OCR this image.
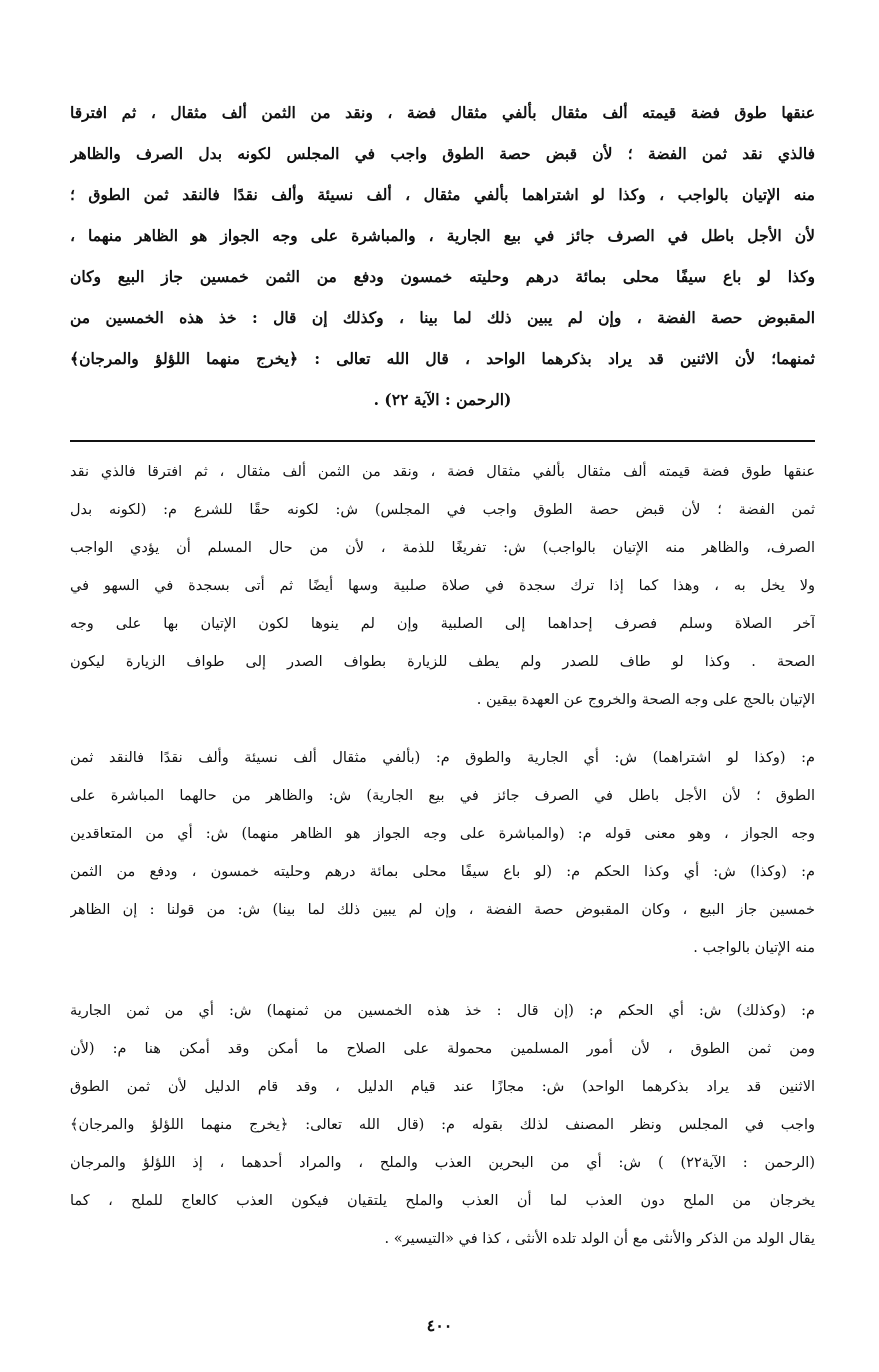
عنقها طوق فضة قيمته ألف مثقال بألفي مثقال فضة ، ونقد من الثمن ألف مثقال ، ثم افترقا
فالذي نقد ثمن الفضة ؛ لأن قبض حصة الطوق واجب في المجلس لكونه بدل الصرف والظاهر
منه الإتيان بالواجب ، وكذا لو اشتراهما بألفي مثقال ، ألف نسيئة وألف نقدًا فالنقد ثمن الطوق ؛
لأن الأجل باطل في الصرف جائز في بيع الجارية ، والمباشرة على وجه الجواز هو الظاهر منهما ،
وكذا لو باع سيفًا محلى بمائة درهم وحليته خمسون ودفع من الثمن خمسين جاز البيع وكان
المقبوض حصة الفضة ، وإن لم يبين ذلك لما بينا ، وكذلك إن قال : خذ هذه الخمسين من
ثمنهما؛ لأن الاثنين قد يراد بذكرهما الواحد ، قال الله تعالى : ﴿يخرج منهما اللؤلؤ والمرجان﴾
(الرحمن : الآية ٢٢) .
عنقها طوق فضة قيمته ألف مثقال بألفي مثقال فضة ، ونقد من الثمن ألف مثقال ، ثم افترقا فالذي نقد
ثمن الفضة ؛ لأن قبض حصة الطوق واجب في المجلس) ش: لكونه حقًا للشرع م: (لكونه بدل
الصرف، والظاهر منه الإتيان بالواجب) ش: تفريغًا للذمة ، لأن من حال المسلم أن يؤدي الواجب
ولا يخل به ، وهذا كما إذا ترك سجدة في صلاة صلبية وسها أيضًا ثم أتى بسجدة في السهو في
آخر الصلاة وسلم فصرف إحداهما إلى الصلبية وإن لم ينوها لكون الإتيان بها على وجه
الصحة . وكذا لو طاف للصدر ولم يطف للزيارة بطواف الصدر إلى طواف الزيارة ليكون
الإتيان بالحج على وجه الصحة والخروج عن العهدة بيقين .
م: (وكذا لو اشتراهما) ش: أي الجارية والطوق م: (بألفي مثقال ألف نسيئة وألف نقدًا فالنقد ثمن
الطوق ؛ لأن الأجل باطل في الصرف جائز في بيع الجارية) ش: والظاهر من حالهما المباشرة على
وجه الجواز ، وهو معنى قوله م: (والمباشرة على وجه الجواز هو الظاهر منهما) ش: أي من المتعاقدين
م: (وكذا) ش: أي وكذا الحكم م: (لو باع سيفًا محلى بمائة درهم وحليته خمسون ، ودفع من الثمن
خمسين جاز البيع ، وكان المقبوض حصة الفضة ، وإن لم يبين ذلك لما بينا) ش: من قولنا : إن الظاهر
منه الإتيان بالواجب .
م: (وكذلك) ش: أي الحكم م: (إن قال : خذ هذه الخمسين من ثمنهما) ش: أي من ثمن الجارية
ومن ثمن الطوق ، لأن أمور المسلمين محمولة على الصلاح ما أمكن وقد أمكن هنا م: (لأن
الاثنين قد يراد بذكرهما الواحد) ش: مجازًا عند قيام الدليل ، وقد قام الدليل لأن ثمن الطوق
واجب في المجلس ونظر المصنف لذلك بقوله م: (قال الله تعالى: ﴿يخرج منهما اللؤلؤ والمرجان﴾
(الرحمن : الآية٢٢) ) ش: أي من البحرين العذب والملح ، والمراد أحدهما ، إذ اللؤلؤ والمرجان
يخرجان من الملح دون العذب لما أن العذب والملح يلتقيان فيكون العذب كالعاج للملح ، كما
يقال الولد من الذكر والأنثى مع أن الولد تلده الأنثى ، كذا في «التيسير» .
٤٠٠
